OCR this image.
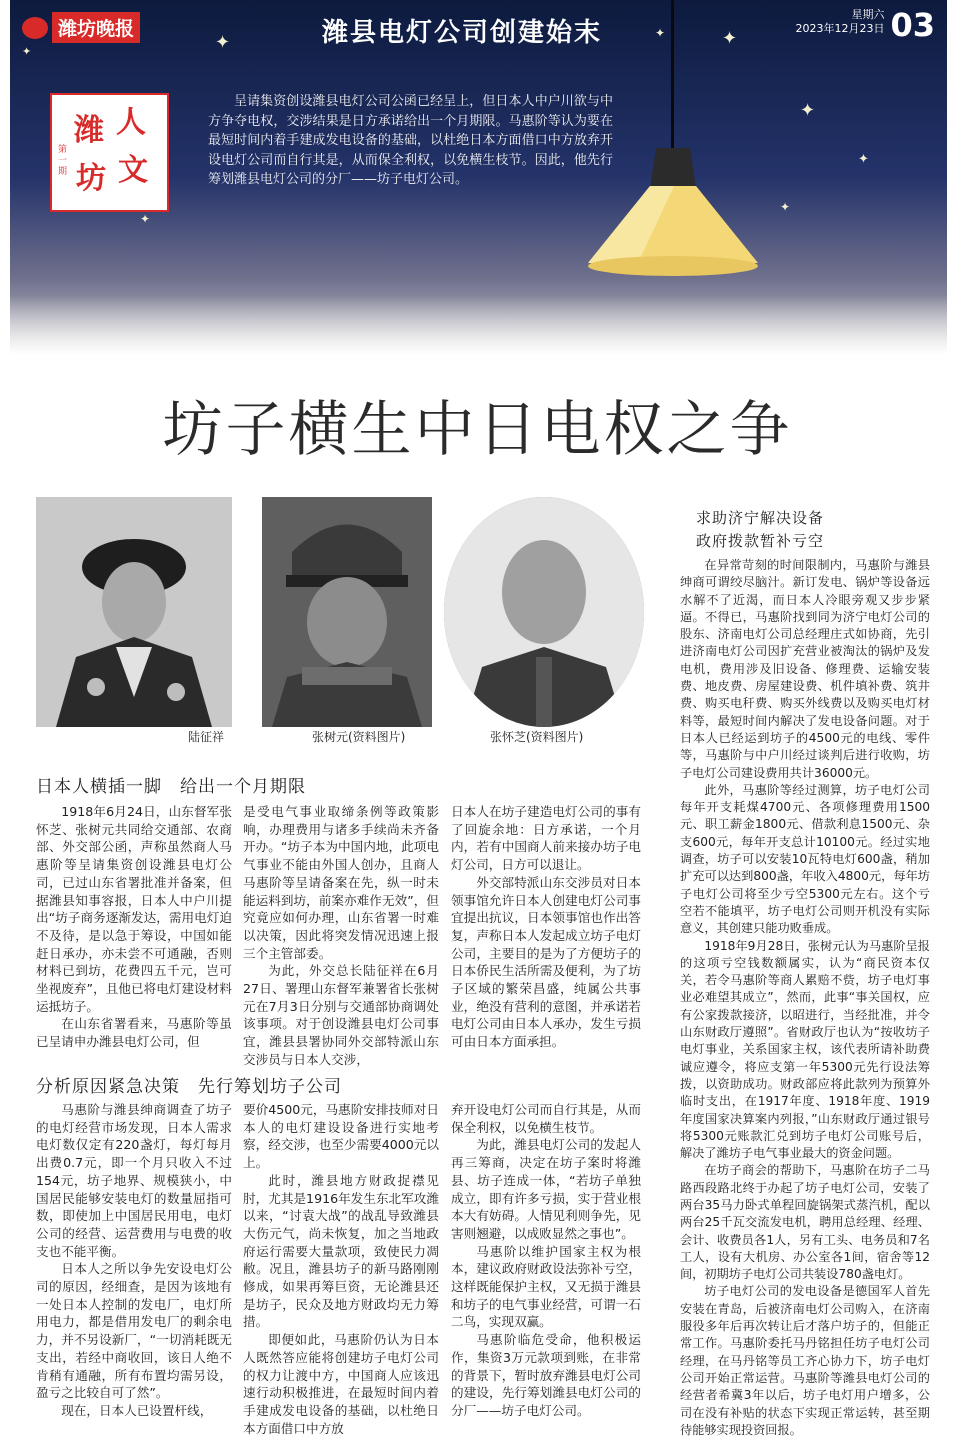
✦	✦	✦
✦
✦
✦
✦
✦
潍坊晚报	潍县电灯公司创建始末
星期六
2023年12月23日 03
潍 人
坊 文
第一期
呈请集资创设潍县电灯公司公函已经呈上，但日本人中户川欲与中方争夺电权，交涉结果是日方承诺给出一个月期限。马惠阶等认为要在最短时间内着手建成发电设备的基础，以杜绝日本方面借口中方放弃开设电灯公司而自行其是，从而保全利权，以免横生枝节。因此，他先行筹划潍县电灯公司的分厂——坊子电灯公司。
坊子横生中日电权之争
陆征祥	张树元(资料图片)	张怀芝(资料图片)
日本人横插一脚　给出一个月期限

1918年6月24日，山东督军张怀芝、张树元共同给交通部、农商部、外交部公函，声称虽然商人马惠阶等呈请集资创设潍县电灯公司，已过山东省署批准并备案，但据潍县知事容报，日本人中户川提出“坊子商务逐渐发达，需用电灯迫不及待，是以急于筹设，中国如能赶日承办，亦未尝不可通融，否则材料已到坊，花费四五千元，岂可坐视废弃”，且他已将电灯建设材料运抵坊子。

在山东省署看来，马惠阶等虽已呈请申办潍县电灯公司，但

是受电气事业取缔条例等政策影响，办理费用与诸多手续尚未齐备开办。“坊子本为中国内地，此项电气事业不能由外国人创办，且商人马惠阶等呈请备案在先，纵一时未能运料到坊，前案亦难作无效”，但究竟应如何办理，山东省署一时难以决策，因此将突发情况迅速上报三个主管部委。

为此，外交总长陆征祥在6月27日、署理山东督军兼署省长张树元在7月3日分别与交通部协商调处该事项。对于创设潍县电灯公司事宜，潍县县署协同外交部特派山东交涉员与日本人交涉，

日本人在坊子建造电灯公司的事有了回旋余地：日方承诺，一个月内，若有中国商人前来接办坊子电灯公司，日方可以退让。

外交部特派山东交涉员对日本领事馆允许日本人创建电灯公司事宜提出抗议，日本领事馆也作出答复，声称日本人发起成立坊子电灯公司，主要目的是为了方便坊子的日本侨民生活所需及便利，为了坊子区域的繁荣昌盛，纯属公共事业，绝没有营利的意图，并承诺若电灯公司由日本人承办，发生亏损可由日本方面承担。

分析原因紧急决策　先行筹划坊子公司

马惠阶与潍县绅商调查了坊子的电灯经营市场发现，日本人需求电灯数仅定有220盏灯，每灯每月出费0.7元，即一个月只收入不过154元，坊子地界、规模狭小，中国居民能够安装电灯的数量屈指可数，即使加上中国居民用电，电灯公司的经营、运营费用与电费的收支也不能平衡。

日本人之所以争先安设电灯公司的原因，经细查，是因为该地有一处日本人控制的发电厂，电灯所用电力，都是借用发电厂的剩余电力，并不另设新厂，“一切消耗既无支出，若经中商收回，该日人绝不肯稍有通融，所有布置均需另设，盈亏之比较自可了然”。

现在，日本人已设置杆线，

要价4500元，马惠阶安排技师对日本人的电灯建设设备进行实地考察，经交涉，也至少需要4000元以上。

此时，潍县地方财政捉襟见肘，尤其是1916年发生东北军攻潍以来，“讨袁大战”的战乱导致潍县大伤元气，尚未恢复，加之当地政府运行需要大量款项，致使民力凋敝。况且，潍县坊子的新马路刚刚修成，如果再筹巨资，无论潍县还是坊子，民众及地方财政均无力筹措。

即便如此，马惠阶仍认为日本人既然答应能将创建坊子电灯公司的权力让渡中方，中国商人应该迅速行动积极推进，在最短时间内着手建成发电设备的基础，以杜绝日本方面借口中方放

弃开设电灯公司而自行其是，从而保全利权，以免横生枝节。

为此，潍县电灯公司的发起人再三筹商，决定在坊子案时将潍县、坊子连成一体，“若坊子单独成立，即有许多亏损，实于营业根本大有妨碍。人情见利则争先，见害则翘避，以成败显然之事也”。

马惠阶以维护国家主权为根本，建议政府财政设法弥补亏空，这样既能保护主权，又无损于潍县和坊子的电气事业经营，可谓一石二鸟，实现双赢。

马惠阶临危受命，他积极运作，集资3万元款项到账，在非常的背景下，暂时放弃潍县电灯公司的建设，先行筹划潍县电灯公司的分厂——坊子电灯公司。

求助济宁解决设备
政府拨款暂补亏空

在异常苛刻的时间限制内，马惠阶与潍县绅商可谓绞尽脑汁。新订发电、锅炉等设备远水解不了近渴，而日本人冷眼旁观又步步紧逼。不得已，马惠阶找到同为济宁电灯公司的股东、济南电灯公司总经理庄式如协商，先引进济南电灯公司因扩充营业被淘汰的锅炉及发电机，费用涉及旧设备、修理费、运输安装费、地皮费、房屋建设费、机件填补费、筑井费、购买电秆费、购买外线费以及购买电灯材料等，最短时间内解决了发电设备问题。对于日本人已经运到坊子的4500元的电线、零件等，马惠阶与中户川经过谈判后进行收购，坊子电灯公司建设费用共计36000元。

此外，马惠阶等经过测算，坊子电灯公司每年开支耗煤4700元、各项修理费用1500元、职工薪金1800元、借款利息1500元、杂支600元，每年开支总计10100元。经过实地调查，坊子可以安装10瓦特电灯600盏，稍加扩充可以达到800盏，年收入4800元，每年坊子电灯公司将至少亏空5300元左右。这个亏空若不能填平，坊子电灯公司则开机没有实际意义，其创建只能功败垂成。

1918年9月28日，张树元认为马惠阶呈报的这项亏空钱数额属实，认为“商民资本仅关，若令马惠阶等商人累赔不赀，坊子电灯事业必难望其成立”，然而，此事“事关国权，应有公家拨款接济，以昭进行，当经批准，并令山东财政厅遵照”。省财政厅也认为“按收坊子电灯事业，关系国家主权，该代表所请补助费诚应遵令，将应支第一年5300元先行设法筹拨，以资助成功。财政部应将此款列为预算外临时支出，在1917年度、1918年度、1919年度国家决算案内列报，”山东财政厅通过银号将5300元账款汇兑到坊子电灯公司账号后，解决了潍坊子电气事业最大的资金问题。

在坊子商会的帮助下，马惠阶在坊子二马路西段路北终于办起了坊子电灯公司，安装了两台35马力卧式单程回旋锅架式蒸汽机，配以两台25千瓦交流发电机，聘用总经理、经理、会计、收费员各1人，另有工头、电务员和7名工人，设有大机房、办公室各1间，宿舍等12间，初期坊子电灯公司共装设780盏电灯。

坊子电灯公司的发电设备是德国军人首先安装在青岛，后被济南电灯公司购入，在济南服役多年后再次转让后才落户坊子的，但能正常工作。马惠阶委托马丹铭担任坊子电灯公司经理，在马丹铭等员工齐心协力下，坊子电灯公司开始正常运营。马惠阶等潍县电灯公司的经营者希冀3年以后，坊子电灯用户增多，公司在没有补贴的状态下实现正常运转，甚至期待能够实现投资回报。
